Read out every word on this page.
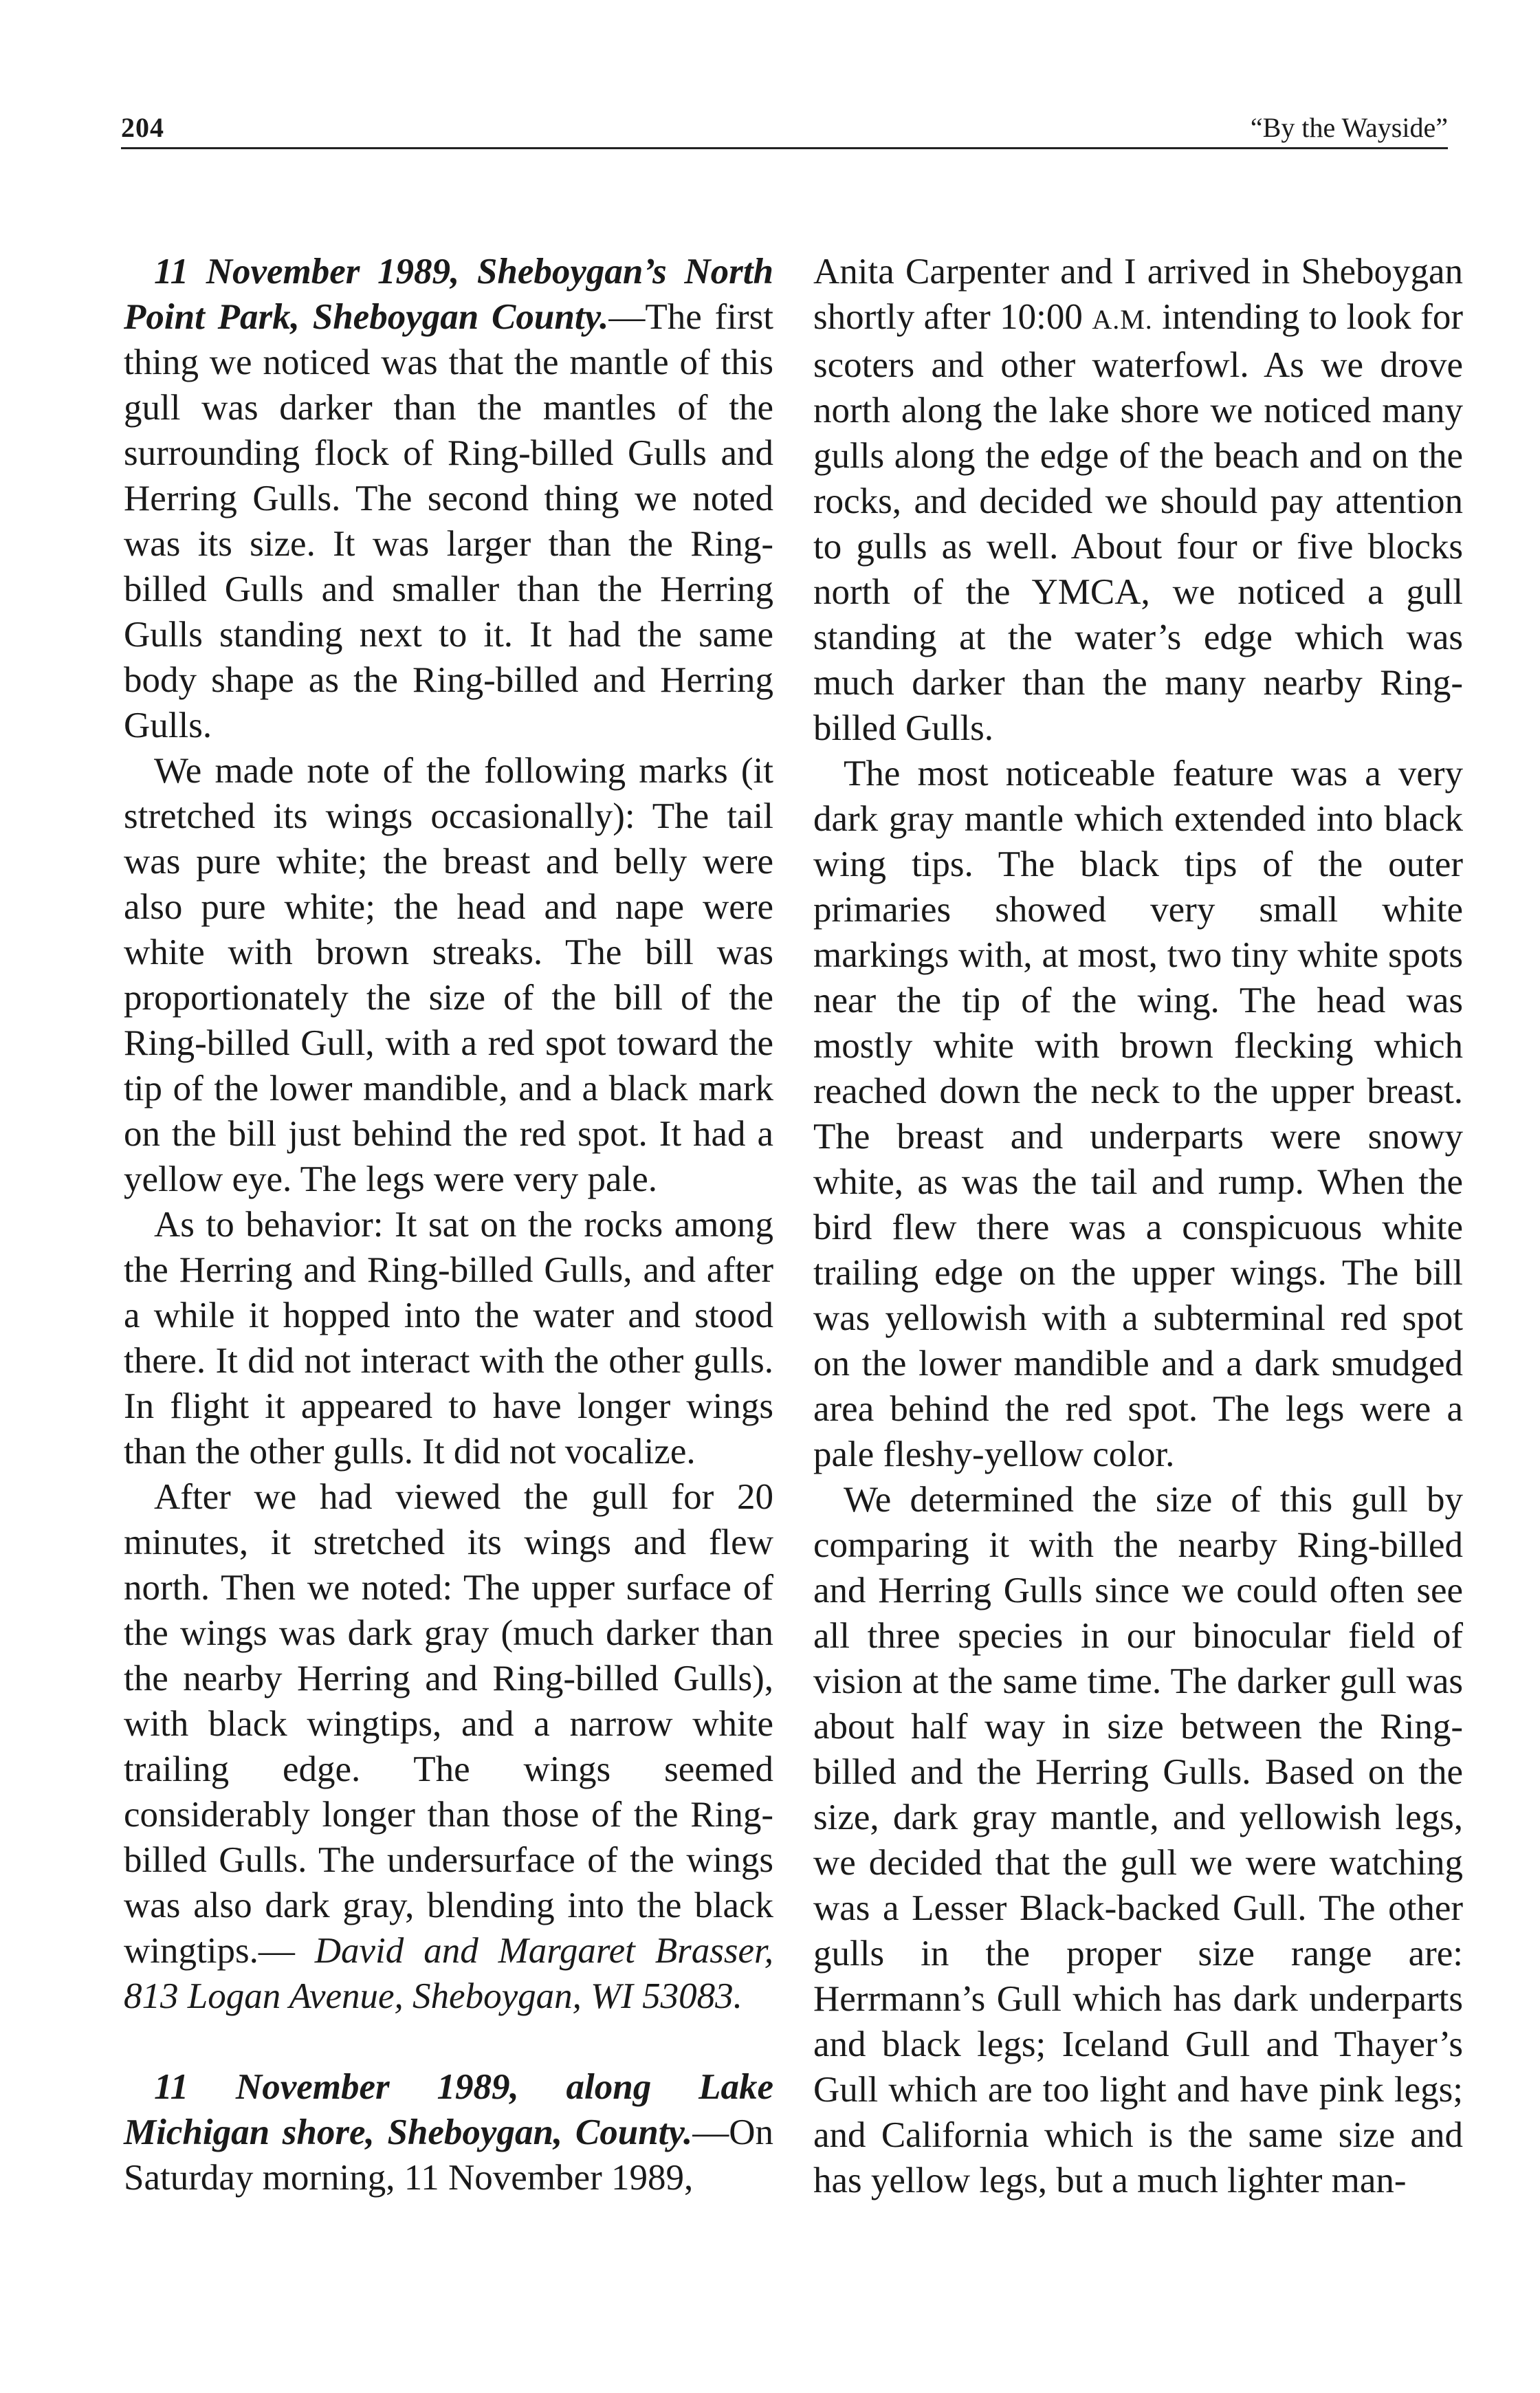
204	“By the Wayside”

11 November 1989, Sheboygan’s North Point Park, Sheboygan County.—The first thing we noticed was that the mantle of this gull was darker than the mantles of the surrounding flock of Ring-billed Gulls and Herring Gulls. The second thing we noted was its size. It was larger than the Ring-billed Gulls and smaller than the Herring Gulls standing next to it. It had the same body shape as the Ring-billed and Herring Gulls.

We made note of the following marks (it stretched its wings occasionally): The tail was pure white; the breast and belly were also pure white; the head and nape were white with brown streaks. The bill was proportionately the size of the bill of the Ring-billed Gull, with a red spot toward the tip of the lower mandible, and a black mark on the bill just behind the red spot. It had a yellow eye. The legs were very pale.

As to behavior: It sat on the rocks among the Herring and Ring-billed Gulls, and after a while it hopped into the water and stood there. It did not interact with the other gulls. In flight it appeared to have longer wings than the other gulls. It did not vocalize.

After we had viewed the gull for 20 minutes, it stretched its wings and flew north. Then we noted: The upper surface of the wings was dark gray (much darker than the nearby Herring and Ring-billed Gulls), with black wingtips, and a narrow white trailing edge. The wings seemed considerably longer than those of the Ring-billed Gulls. The undersurface of the wings was also dark gray, blending into the black wingtips.— David and Margaret Brasser, 813 Logan Avenue, Sheboygan, WI 53083.

11 November 1989, along Lake Michigan shore, Sheboygan, County.—On Saturday morning, 11 November 1989,

Anita Carpenter and I arrived in Sheboygan shortly after 10:00 A.M. intending to look for scoters and other waterfowl. As we drove north along the lake shore we noticed many gulls along the edge of the beach and on the rocks, and decided we should pay attention to gulls as well. About four or five blocks north of the YMCA, we noticed a gull standing at the water’s edge which was much darker than the many nearby Ring-billed Gulls.

The most noticeable feature was a very dark gray mantle which extended into black wing tips. The black tips of the outer primaries showed very small white markings with, at most, two tiny white spots near the tip of the wing. The head was mostly white with brown flecking which reached down the neck to the upper breast. The breast and underparts were snowy white, as was the tail and rump. When the bird flew there was a conspicuous white trailing edge on the upper wings. The bill was yellowish with a subterminal red spot on the lower mandible and a dark smudged area behind the red spot. The legs were a pale fleshy-yellow color.

We determined the size of this gull by comparing it with the nearby Ring-billed and Herring Gulls since we could often see all three species in our binocular field of vision at the same time. The darker gull was about half way in size between the Ring-billed and the Herring Gulls. Based on the size, dark gray mantle, and yellowish legs, we decided that the gull we were watching was a Lesser Black-backed Gull. The other gulls in the proper size range are: Herrmann’s Gull which has dark underparts and black legs; Iceland Gull and Thayer’s Gull which are too light and have pink legs; and California which is the same size and has yellow legs, but a much lighter man-
